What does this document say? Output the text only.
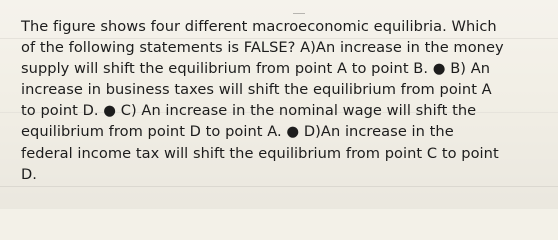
The figure shows four different macroeconomic equilibria. Which
of the following statements is FALSE? A)An increase in the money
supply will shift the equilibrium from point A to point B. ● B) An
increase in business taxes will shift the equilibrium from point A
to point D. ● C) An increase in the nominal wage will shift the
equilibrium from point D to point A. ● D)An increase in the
federal income tax will shift the equilibrium from point C to point
D.
